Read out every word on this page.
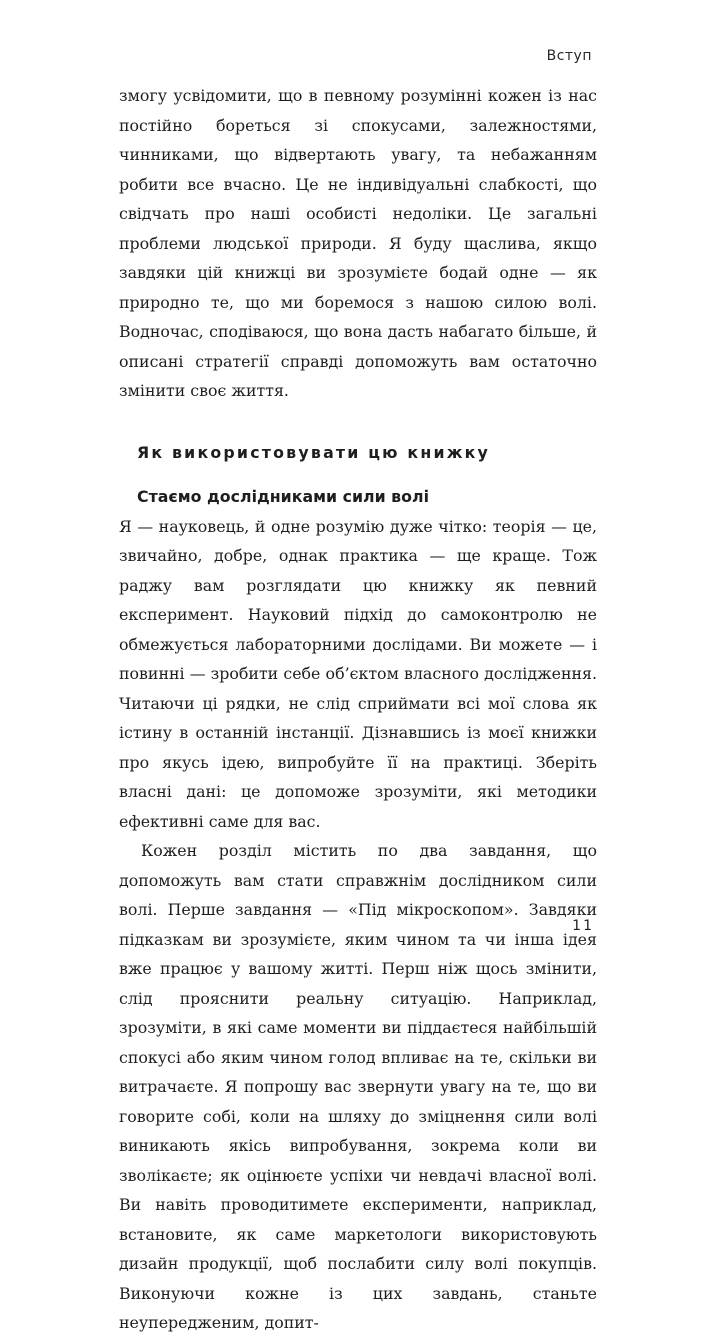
Вступ

змогу усвідомити, що в певному розумінні кожен із нас постійно бореться зі спокусами, залежностями, чинниками, що відвертають увагу, та небажанням робити все вчасно. Це не індивідуальні слабкості, що свідчать про наші особисті недоліки. Це загальні проблеми людської природи. Я буду щаслива, якщо завдяки цій книжці ви зрозумієте бодай одне — як природно те, що ми боремося з нашою силою волі. Водночас, сподіваюся, що вона дасть набагато більше, й описані стратегії справді допоможуть вам остаточно змінити своє життя.

Як використовувати цю книжку
Стаємо дослідниками сили волі

Я — науковець, й одне розумію дуже чітко: теорія — це, звичайно, добре, однак практика — ще краще. Тож раджу вам розглядати цю книжку як певний експеримент. Науковий підхід до самоконтролю не обмежується лабораторними дослідами. Ви можете — і повинні — зробити себе об’єктом власного дослідження. Читаючи ці рядки, не слід сприймати всі мої слова як істину в останній інстанції. Дізнавшись із моєї книжки про якусь ідею, випробуйте її на практиці. Зберіть власні дані: це допоможе зрозуміти, які методики ефективні саме для вас.

Кожен розділ містить по два завдання, що допоможуть вам стати справжнім дослідником сили волі. Перше завдання — «Під мікроскопом». Завдяки підказкам ви зрозумієте, яким чином та чи інша ідея вже працює у вашому житті. Перш ніж щось змінити, слід прояснити реальну ситуацію. Наприклад, зрозуміти, в які саме моменти ви піддаєтеся найбільшій спокусі або яким чином голод впливає на те, скільки ви витрачаєте. Я попрошу вас звернути увагу на те, що ви говорите собі, коли на шляху до зміцнення сили волі виникають якісь випробування, зокрема коли ви зволікаєте; як оцінюєте успіхи чи невдачі власної волі. Ви навіть проводитимете експерименти, наприклад, встановите, як саме маркетологи використовують дизайн продукції, щоб послабити силу волі покупців. Виконуючи кожне із цих завдань, станьте неупередженим, допит-

11
